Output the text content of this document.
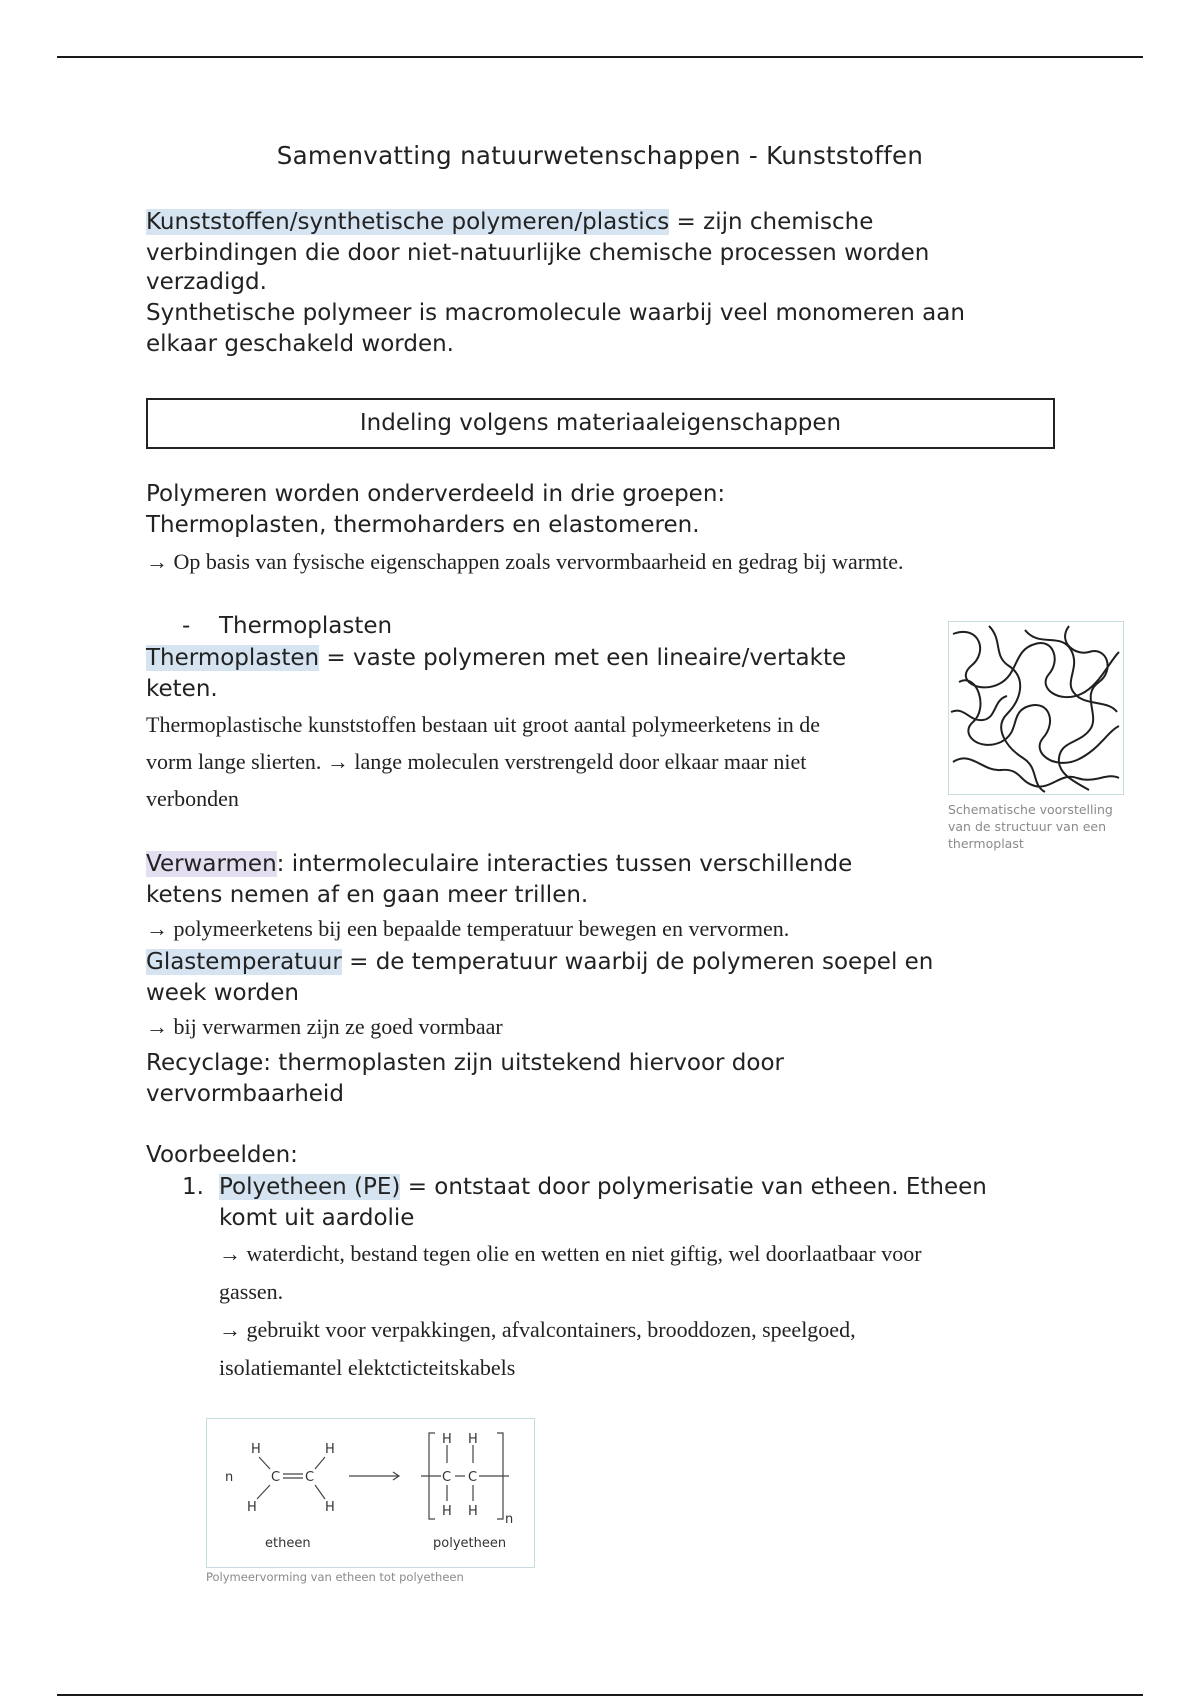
Samenvatting natuurwetenschappen - Kunststoffen
Kunststoffen/synthetische polymeren/plastics = zijn chemische
verbindingen die door niet-natuurlijke chemische processen worden
verzadigd.
Synthetische polymeer is macromolecule waarbij veel monomeren aan
elkaar geschakeld worden.
Indeling volgens materiaaleigenschappen
Polymeren worden onderverdeeld in drie groepen:
Thermoplasten, thermoharders en elastomeren.
→ Op basis van fysische eigenschappen zoals vervormbaarheid en gedrag bij warmte.
- Thermoplasten
Thermoplasten = vaste polymeren met een lineaire/vertakte
keten.
Thermoplastische kunststoffen bestaan uit groot aantal polymeerketens in de
vorm lange slierten. → lange moleculen verstrengeld door elkaar maar niet
verbonden	Schematische voorstelling
van de structuur van een
thermoplast
Verwarmen: intermoleculaire interacties tussen verschillende
ketens nemen af en gaan meer trillen.
→ polymeerketens bij een bepaalde temperatuur bewegen en vervormen.
Glastemperatuur = de temperatuur waarbij de polymeren soepel en
week worden
→ bij verwarmen zijn ze goed vormbaar
Recyclage: thermoplasten zijn uitstekend hiervoor door
vervormbaarheid
Voorbeelden:
1. Polyetheen (PE) = ontstaat door polymerisatie van etheen. Etheen
komt uit aardolie
→ waterdicht, bestand tegen olie en wetten en niet giftig, wel doorlaatbaar voor
gassen.
→ gebruikt voor verpakkingen, afvalcontainers, brooddozen, speelgoed,
isolatiemantel elektcticteitskabels
n
H
H
C C
H
H
H H
C C
H H
n
etheen	polyetheen
Polymeervorming van etheen tot polyetheen
